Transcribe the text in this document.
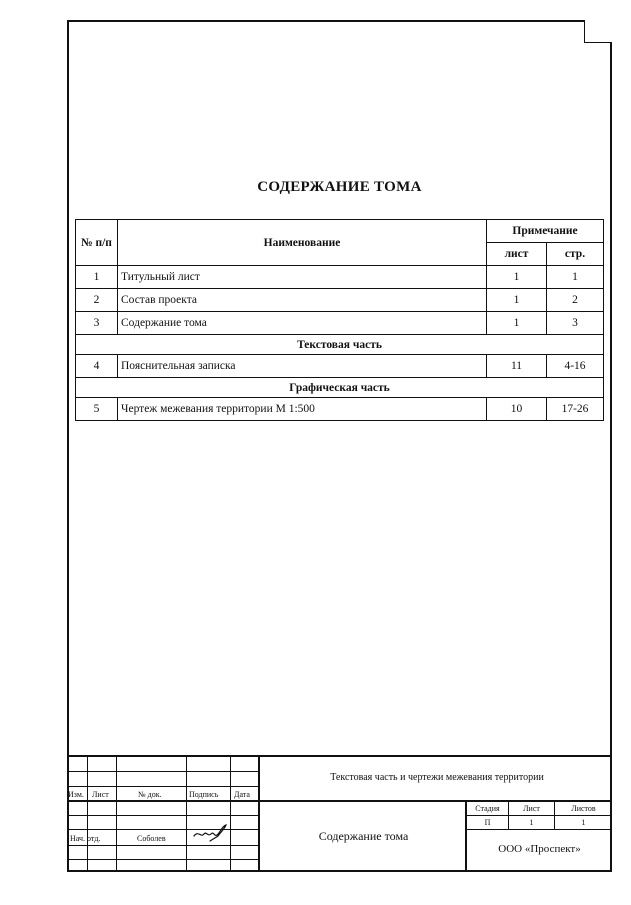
СОДЕРЖАНИЕ ТОМА
№ п/п	Наименование	Примечание	
		лист	стр.
1	Титульный лист	1	1
2	Состав проекта	1	2
3	Содержание тома	1	3
Текстовая часть			
4	Пояснительная записка	11	4-16
Графическая часть			
5	Чертеж межевания территории М 1:500	10	17-26
Изм. Лист	№ док.	Подпись Дата
Нач. отд.	Соболев
Текстовая часть и чертежи межевания территории
Содержание тома
Стадия	Лист	Листов
П	1	1
ООО «Проспект»
